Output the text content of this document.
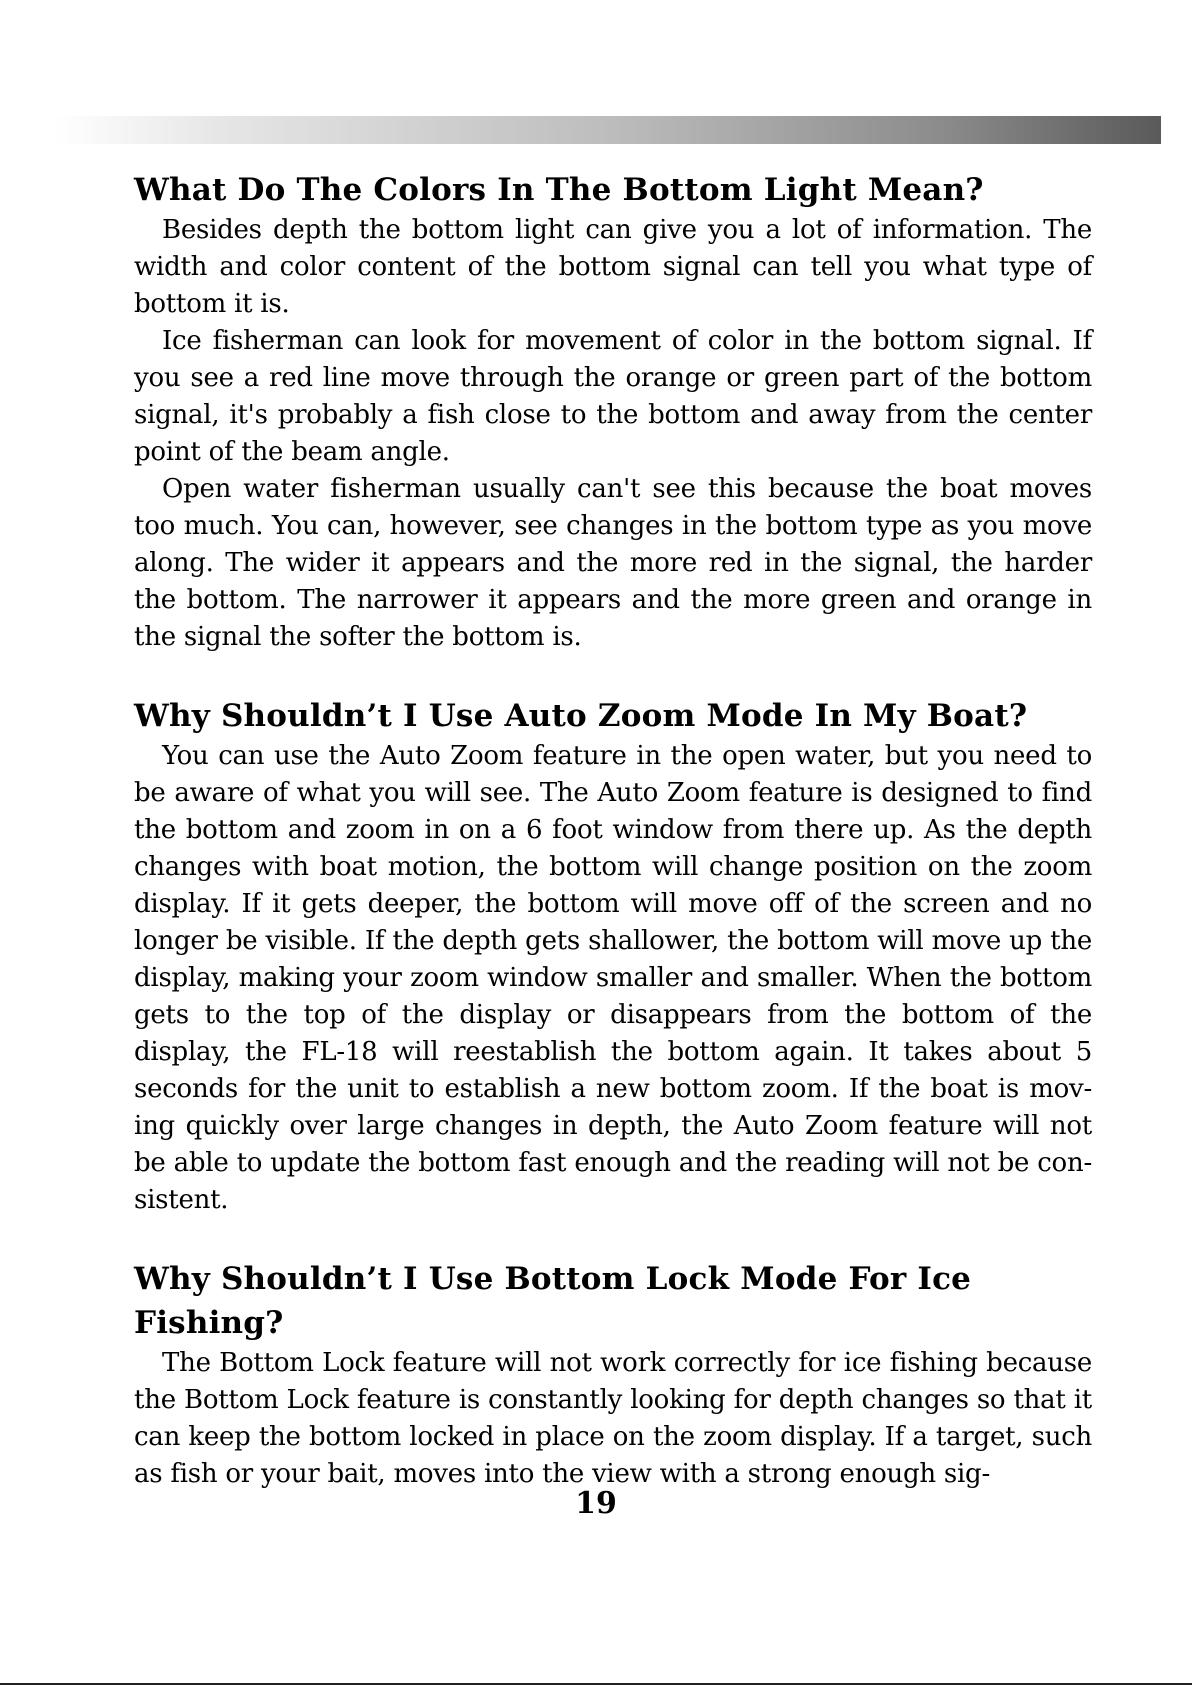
What Do The Colors In The Bottom Light Mean?

Besides depth the bottom light can give you a lot of information. The width and color content of the bottom signal can tell you what type of bottom it is.

Ice fisherman can look for movement of color in the bottom signal. If you see a red line move through the orange or green part of the bottom signal, it's probably a fish close to the bottom and away from the center point of the beam angle.

Open water fisherman usually can't see this because the boat moves too much. You can, however, see changes in the bottom type as you move along. The wider it appears and the more red in the signal, the harder the bottom. The narrower it appears and the more green and orange in the signal the softer the bottom is.

Why Shouldn’t I Use Auto Zoom Mode In My Boat?

You can use the Auto Zoom feature in the open water, but you need to be aware of what you will see. The Auto Zoom feature is designed to find the bottom and zoom in on a 6 foot window from there up. As the depth changes with boat motion, the bottom will change position on the zoom display. If it gets deeper, the bottom will move off of the screen and no longer be visible. If the depth gets shallower, the bottom will move up the display, making your zoom window smaller and smaller. When the bottom gets to the top of the display or disappears from the bottom of the display, the FL-18 will reestablish the bottom again. It takes about 5 seconds for the unit to establish a new bottom zoom. If the boat is mov-ing quickly over large changes in depth, the Auto Zoom feature will not be able to update the bottom fast enough and the reading will not be con-sistent.

Why Shouldn’t I Use Bottom Lock Mode For Ice Fishing?

The Bottom Lock feature will not work correctly for ice fishing because the Bottom Lock feature is constantly looking for depth changes so that it can keep the bottom locked in place on the zoom display. If a target, such as fish or your bait, moves into the view with a strong enough sig-

19
